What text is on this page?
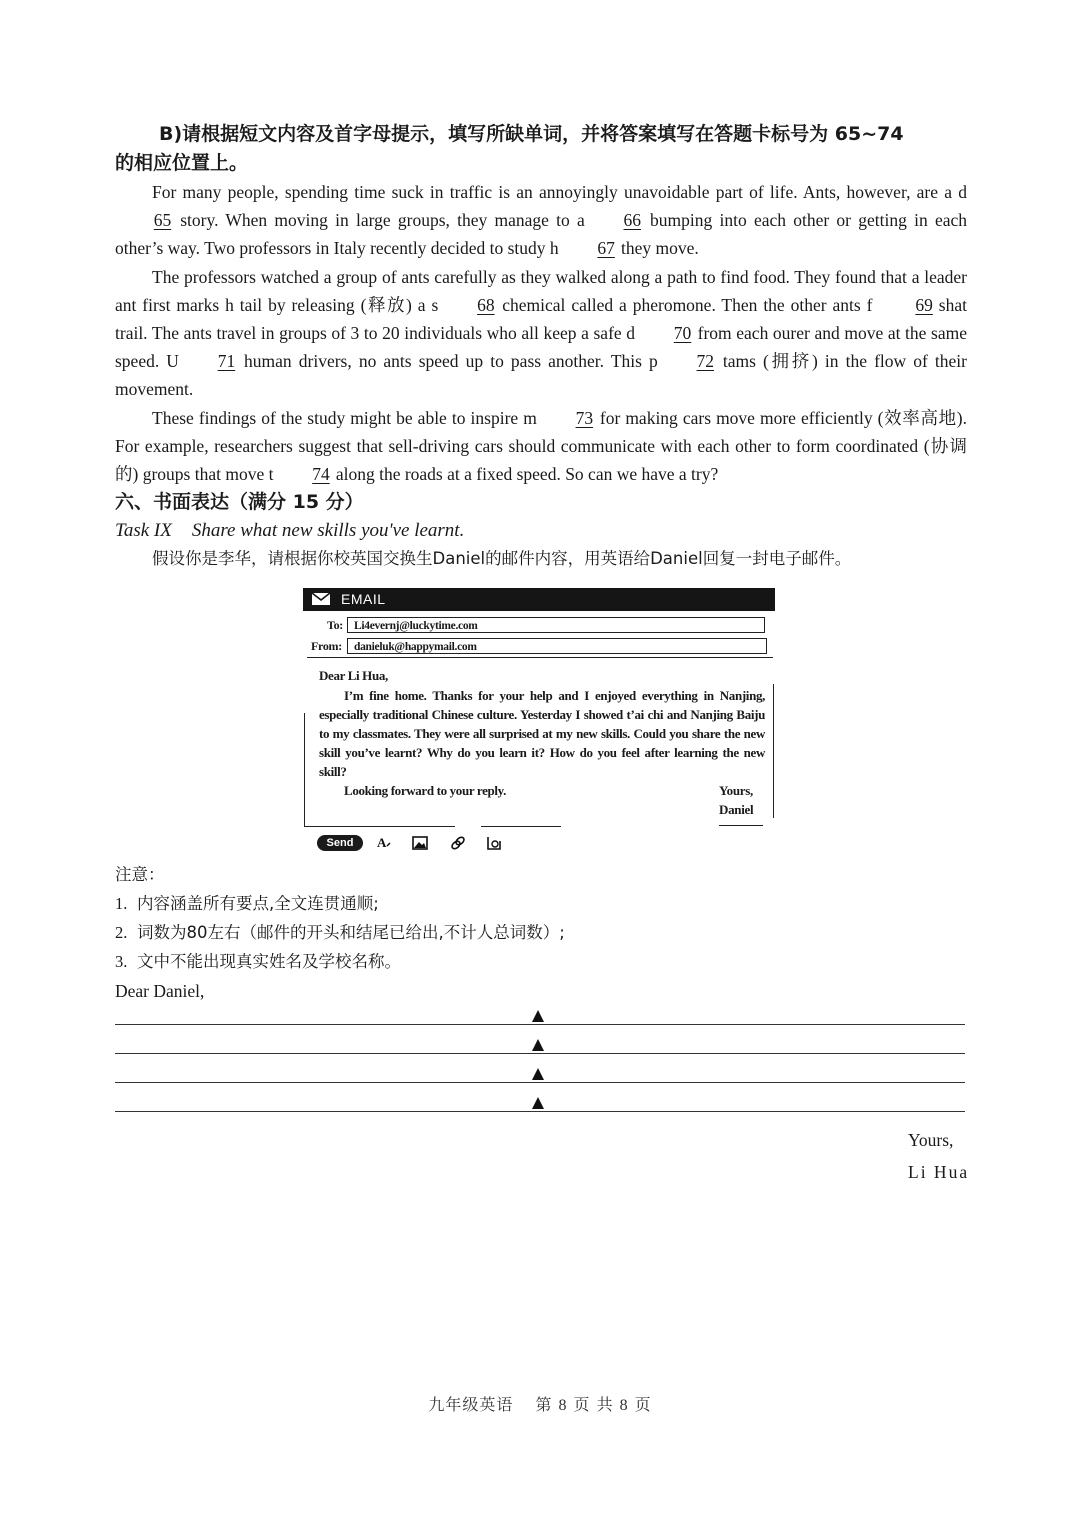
B)请根据短文内容及首字母提示，填写所缺单词，并将答案填写在答题卡标号为 65~74
的相应位置上。

For many people, spending time suck in traffic is an annoyingly unavoidable part of life. Ants, however, are a d65 story. When moving in large groups, they manage to a 66 bumping into each other or getting in each other’s way. Two professors in Italy recently decided to study h 67 they move.

The professors watched a group of ants carefully as they walked along a path to find food. They found that a leader ant first marks h tail by releasing (释放) a s 68 chemical called a pheromone. Then the other ants f 69 shat trail. The ants travel in groups of 3 to 20 individuals who all keep a safe d 70 from each ourer and move at the same speed. U 71 human drivers, no ants speed up to pass another. This p 72 tams (拥挤) in the flow of their movement.

These findings of the study might be able to inspire m 73 for making cars move more efficiently (效率高地). For example, researchers suggest that sell-driving cars should communicate with each other to form coordinated (协调的) groups that move t 74 along the roads at a fixed speed. So can we have a try?

六、书面表达（满分 15 分）
Task IX Share what new skills you've learnt.
假设你是李华，请根据你校英国交换生Daniel的邮件内容，用英语给Daniel回复一封电子邮件。
EMAIL
To: Li4evernj@luckytime.com
From:	danieluk@happymail.com

Dear Li Hua,

I’m fine home. Thanks for your help and I enjoyed everything in Nanjing, especially traditional Chinese culture. Yesterday I showed t’ai chi and Nanjing Baiju to my classmates. They were all surprised at my new skills. Could you share the new skill you’ve learnt? Why do you learn it? How do you feel after learning the new skill?

Looking forward to your reply.	Yours,
Daniel
Send	A
注意：
1. 内容涵盖所有要点,全文连贯通顺;
2. 词数为80左右（邮件的开头和结尾已给出,不计人总词数）;
3. 文中不能出现真实姓名及学校名称。
Dear Daniel,
Yours,
Li Hua
九年级英语 第 8 页 共 8 页
